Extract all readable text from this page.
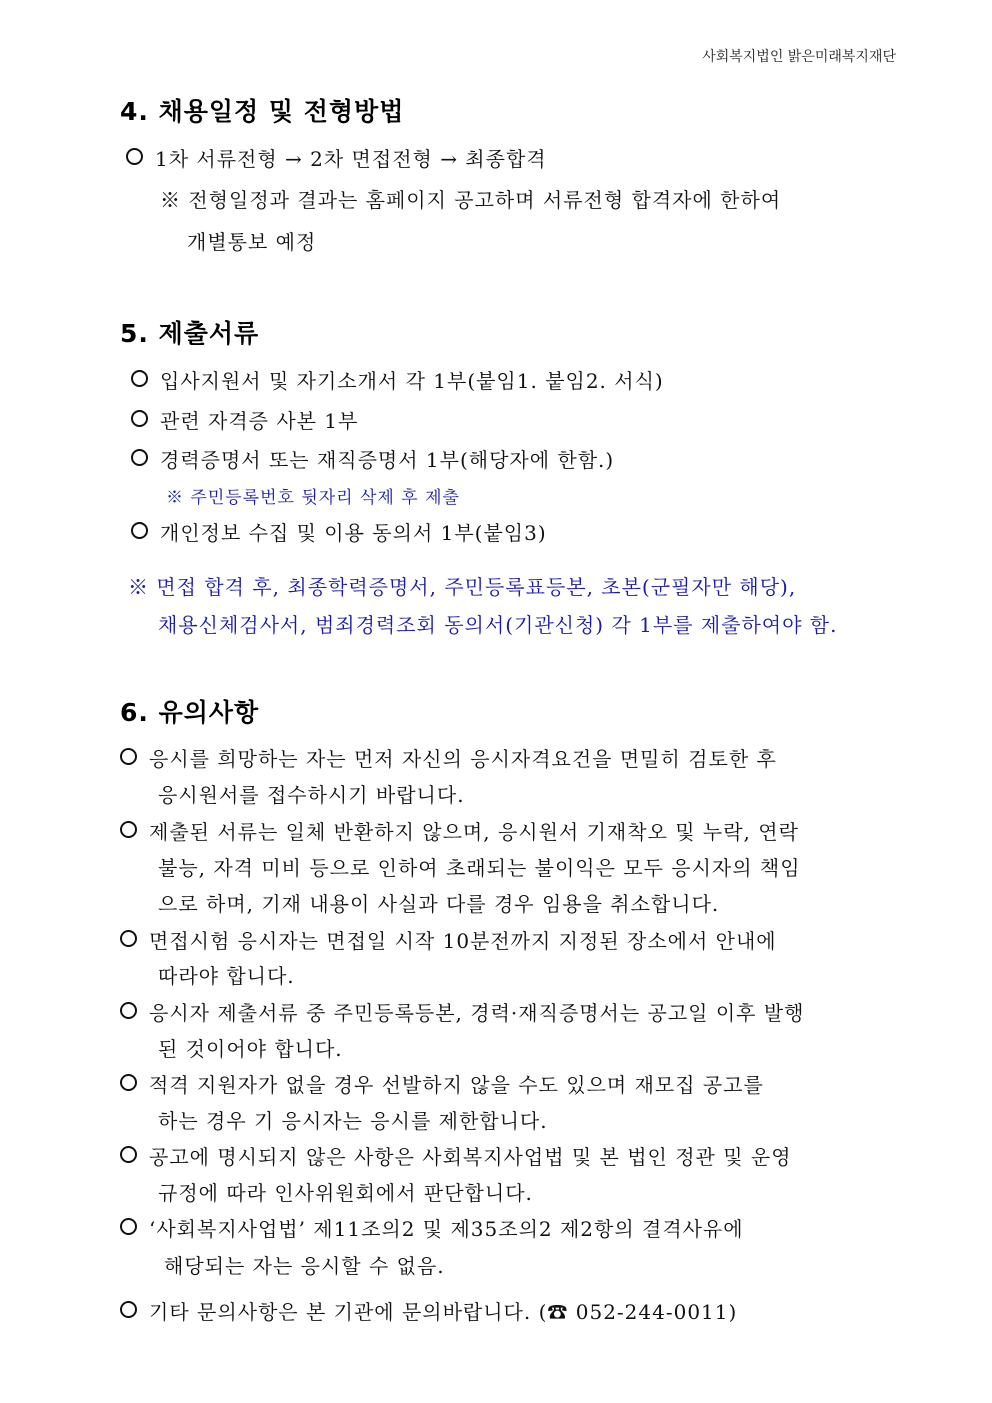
사회복지법인 밝은미래복지재단
4. 채용일정 및 전형방법
1차 서류전형 → 2차 면접전형 → 최종합격
※ 전형일정과 결과는 홈페이지 공고하며 서류전형 합격자에 한하여
개별통보 예정
5. 제출서류
입사지원서 및 자기소개서 각 1부(붙임1. 붙임2. 서식)
관련 자격증 사본 1부
경력증명서 또는 재직증명서 1부(해당자에 한함.)
※ 주민등록번호 뒷자리 삭제 후 제출
개인정보 수집 및 이용 동의서 1부(붙임3)
※ 면접 합격 후, 최종학력증명서, 주민등록표등본, 초본(군필자만 해당),
채용신체검사서, 범죄경력조회 동의서(기관신청) 각 1부를 제출하여야 함.
6. 유의사항
응시를 희망하는 자는 먼저 자신의 응시자격요건을 면밀히 검토한 후
응시원서를 접수하시기 바랍니다.
제출된 서류는 일체 반환하지 않으며, 응시원서 기재착오 및 누락, 연락
불능, 자격 미비 등으로 인하여 초래되는 불이익은 모두 응시자의 책임
으로 하며, 기재 내용이 사실과 다를 경우 임용을 취소합니다.
면접시험 응시자는 면접일 시작 10분전까지 지정된 장소에서 안내에
따라야 합니다.
응시자 제출서류 중 주민등록등본, 경력·재직증명서는 공고일 이후 발행
된 것이어야 합니다.
적격 지원자가 없을 경우 선발하지 않을 수도 있으며 재모집 공고를
하는 경우 기 응시자는 응시를 제한합니다.
공고에 명시되지 않은 사항은 사회복지사업법 및 본 법인 정관 및 운영
규정에 따라 인사위원회에서 판단합니다.
‘사회복지사업법’ 제11조의2 및 제35조의2 제2항의 결격사유에
해당되는 자는 응시할 수 없음.
기타 문의사항은 본 기관에 문의바랍니다. (☎ 052-244-0011)
